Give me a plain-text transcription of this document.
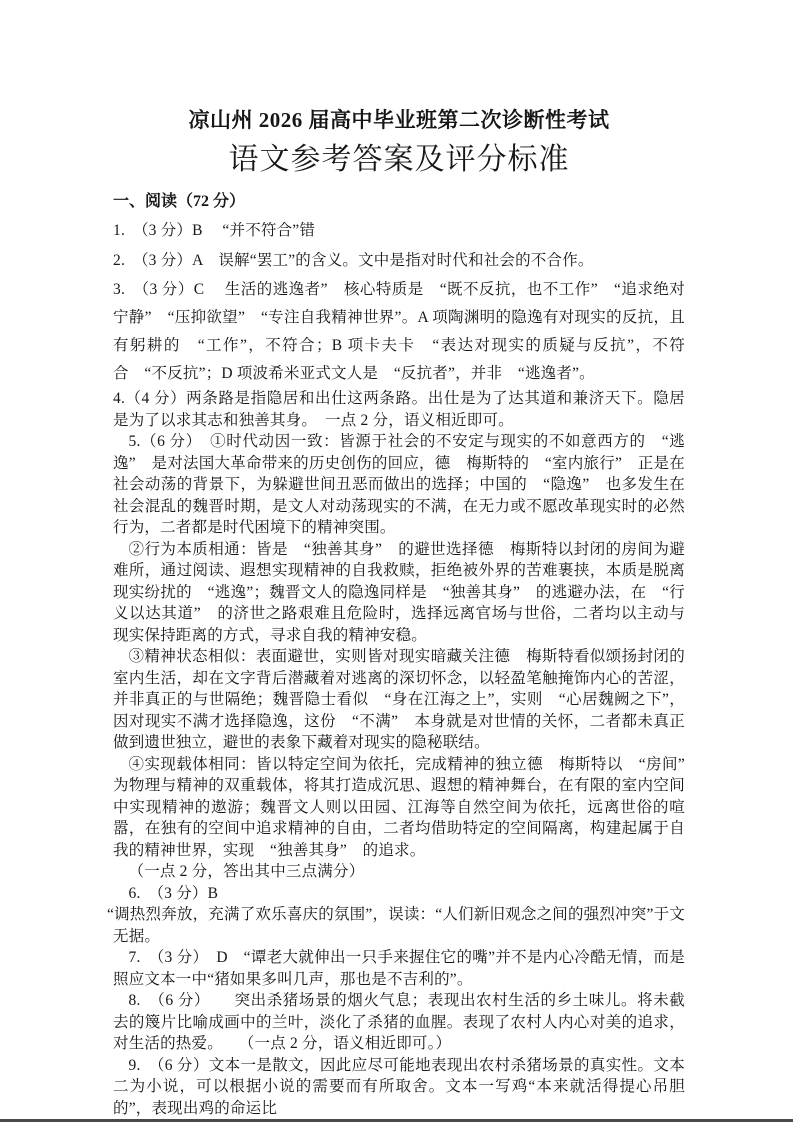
凉山州 2026 届高中毕业班第二次诊断性考试
语文参考答案及评分标准
一、阅读（72 分）

1.　（3 分）B　 “并不符合”错

2.　（3 分）A　误解“罢工”的含义。文中是指对时代和社会的不合作。

3.　（3 分）C　 生活的逃逸者”　核心特质是　“既不反抗，也不工作”　“追求绝对宁静”　“压抑欲望”　“专注自我精神世界”。A 项陶渊明的隐逸有对现实的反抗，且有躬耕的　“工作”，不符合；B 项卡夫卡　“表达对现实的质疑与反抗”，不符合　“不反抗”；D 项波希米亚式文人是　“反抗者”，并非　“逃逸者”。

4.（4 分）两条路是指隐居和出仕这两条路。出仕是为了达其道和兼济天下。隐居是为了以求其志和独善其身。　一点 2 分，语义相近即可。

5.（6 分）　①时代动因一致：皆源于社会的不安定与现实的不如意西方的　“逃逸”　是对法国大革命带来的历史创伤的回应，德　梅斯特的　“室内旅行”　正是在社会动荡的背景下，为躲避世间丑恶而做出的选择；中国的　“隐逸”　也多发生在社会混乱的魏晋时期，是文人对动荡现实的不满，在无力或不愿改革现实时的必然行为，二者都是时代困境下的精神突围。

②行为本质相通：皆是　“独善其身”　的避世选择德　梅斯特以封闭的房间为避难所，通过阅读、遐想实现精神的自我救赎，拒绝被外界的苦难裹挟，本质是脱离现实纷扰的　“逃逸”；魏晋文人的隐逸同样是　“独善其身”　的逃避办法，在　“行义以达其道”　的济世之路艰难且危险时，选择远离官场与世俗，二者均以主动与现实保持距离的方式，寻求自我的精神安稳。

③精神状态相似：表面避世，实则皆对现实暗藏关注德　梅斯特看似颂扬封闭的室内生活，却在文字背后潜藏着对逃离的深切怀念，以轻盈笔触掩饰内心的苦涩，并非真正的与世隔绝；魏晋隐士看似　“身在江海之上”，实则　“心居魏阙之下”，因对现实不满才选择隐逸，这份　“不满”　本身就是对世情的关怀，二者都未真正做到遗世独立，避世的表象下藏着对现实的隐秘联结。

④实现载体相同：皆以特定空间为依托，完成精神的独立德　梅斯特以　“房间”　为物理与精神的双重载体，将其打造成沉思、遐想的精神舞台，在有限的室内空间中实现精神的遨游；魏晋文人则以田园、江海等自然空间为依托，远离世俗的喧嚣，在独有的空间中追求精神的自由，二者均借助特定的空间隔离，构建起属于自我的精神世界，实现　“独善其身”　的追求。

（一点 2 分，答出其中三点满分）

6.　（3 分）B

“调热烈奔放，充满了欢乐喜庆的氛围”，误读：“人们新旧观念之间的强烈冲突”于文无据。

7.　（3 分）　D　“谭老大就伸出一只手来握住它的嘴”并不是内心冷酷无情，而是照应文本一中“猪如果多叫几声，那也是不吉利的”。

8.　（6 分）　　突出杀猪场景的烟火气息；表现出农村生活的乡土味儿。将未截去的篾片比喻成画中的兰叶，淡化了杀猪的血腥。表现了农村人内心对美的追求，对生活的热爱。　　（一点 2 分，语义相近即可。）

9.　（6 分）文本一是散文，因此应尽可能地表现出农村杀猪场景的真实性。文本二为小说，可以根据小说的需要而有所取舍。文本一写鸡“本来就活得提心吊胆的”，表现出鸡的命运比
